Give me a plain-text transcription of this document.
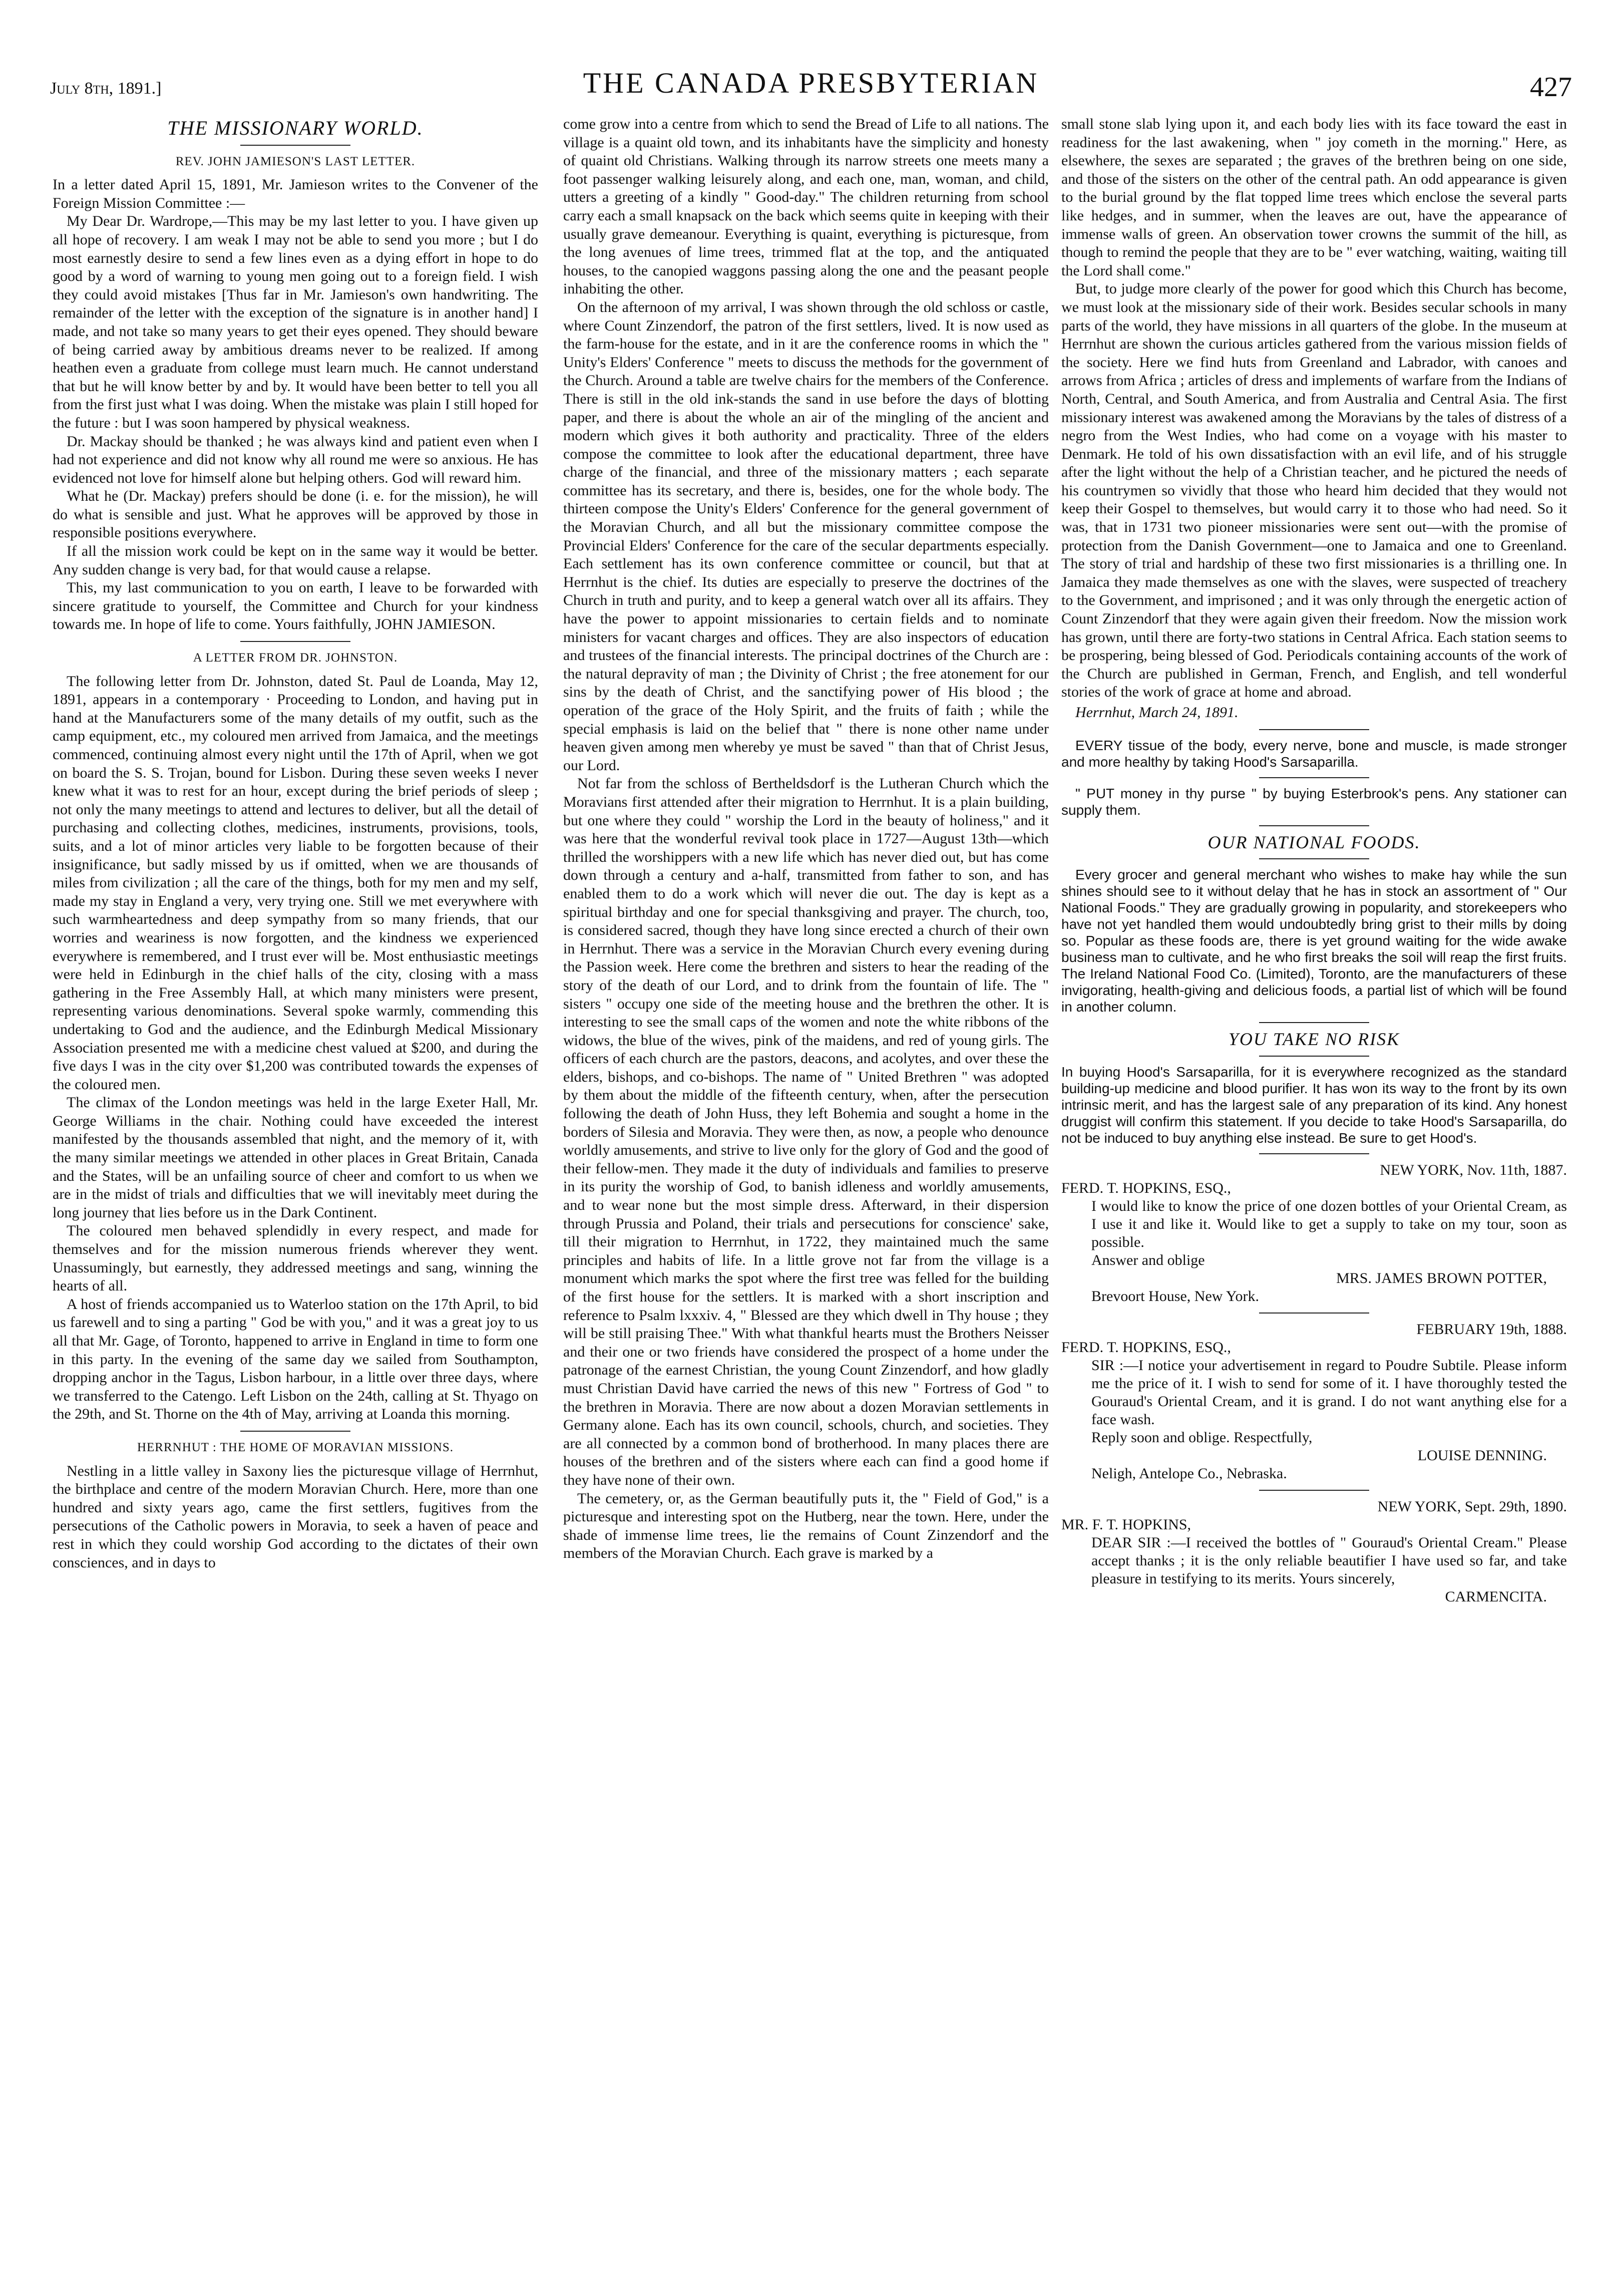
July 8th, 1891.]	THE CANADA PRESBYTERIAN	427
THE MISSIONARY WORLD.
REV. JOHN JAMIESON'S LAST LETTER.

In a letter dated April 15, 1891, Mr. Jamieson writes to the Convener of the Foreign Mission Committee :—

My Dear Dr. Wardrope,—This may be my last letter to you. I have given up all hope of recovery. I am weak I may not be able to send you more ; but I do most earnestly desire to send a few lines even as a dying effort in hope to do good by a word of warning to young men going out to a foreign field. I wish they could avoid mistakes [Thus far in Mr. Jamieson's own handwriting. The remainder of the letter with the exception of the signature is in another hand] I made, and not take so many years to get their eyes opened. They should beware of being carried away by ambitious dreams never to be realized. If among heathen even a graduate from college must learn much. He cannot understand that but he will know better by and by. It would have been better to tell you all from the first just what I was doing. When the mistake was plain I still hoped for the future : but I was soon hampered by physical weakness.

Dr. Mackay should be thanked ; he was always kind and patient even when I had not experience and did not know why all round me were so anxious. He has evidenced not love for himself alone but helping others. God will reward him.

What he (Dr. Mackay) prefers should be done (i. e. for the mission), he will do what is sensible and just. What he approves will be approved by those in responsible positions everywhere.

If all the mission work could be kept on in the same way it would be better. Any sudden change is very bad, for that would cause a relapse.

This, my last communication to you on earth, I leave to be forwarded with sincere gratitude to yourself, the Committee and Church for your kindness towards me. In hope of life to come. Yours faithfully, JOHN JAMIESON.

A LETTER FROM DR. JOHNSTON.

The following letter from Dr. Johnston, dated St. Paul de Loanda, May 12, 1891, appears in a contemporary · Proceeding to London, and having put in hand at the Manufacturers some of the many details of my outfit, such as the camp equipment, etc., my coloured men arrived from Jamaica, and the meetings commenced, continuing almost every night until the 17th of April, when we got on board the S. S. Trojan, bound for Lisbon. During these seven weeks I never knew what it was to rest for an hour, except during the brief periods of sleep ; not only the many meetings to attend and lectures to deliver, but all the detail of purchasing and collecting clothes, medicines, instruments, provisions, tools, suits, and a lot of minor articles very liable to be forgotten because of their insignificance, but sadly missed by us if omitted, when we are thousands of miles from civilization ; all the care of the things, both for my men and my self, made my stay in England a very, very trying one. Still we met everywhere with such warmheartedness and deep sympathy from so many friends, that our worries and weariness is now forgotten, and the kindness we experienced everywhere is remembered, and I trust ever will be. Most enthusiastic meetings were held in Edinburgh in the chief halls of the city, closing with a mass gathering in the Free Assembly Hall, at which many ministers were present, representing various denominations. Several spoke warmly, commending this undertaking to God and the audience, and the Edinburgh Medical Missionary Association presented me with a medicine chest valued at $200, and during the five days I was in the city over $1,200 was contributed towards the expenses of the coloured men.

The climax of the London meetings was held in the large Exeter Hall, Mr. George Williams in the chair. Nothing could have exceeded the interest manifested by the thousands assembled that night, and the memory of it, with the many similar meetings we attended in other places in Great Britain, Canada and the States, will be an unfailing source of cheer and comfort to us when we are in the midst of trials and difficulties that we will inevitably meet during the long journey that lies before us in the Dark Continent.

The coloured men behaved splendidly in every respect, and made for themselves and for the mission numerous friends wherever they went. Unassumingly, but earnestly, they addressed meetings and sang, winning the hearts of all.

A host of friends accompanied us to Waterloo station on the 17th April, to bid us farewell and to sing a parting " God be with you," and it was a great joy to us all that Mr. Gage, of Toronto, happened to arrive in England in time to form one in this party. In the evening of the same day we sailed from Southampton, dropping anchor in the Tagus, Lisbon harbour, in a little over three days, where we transferred to the Catengo. Left Lisbon on the 24th, calling at St. Thyago on the 29th, and St. Thorne on the 4th of May, arriving at Loanda this morning.

HERRNHUT : THE HOME OF MORAVIAN MISSIONS.

Nestling in a little valley in Saxony lies the picturesque village of Herrnhut, the birthplace and centre of the modern Moravian Church. Here, more than one hundred and sixty years ago, came the first settlers, fugitives from the persecutions of the Catholic powers in Moravia, to seek a haven of peace and rest in which they could worship God according to the dictates of their own consciences, and in days to

come grow into a centre from which to send the Bread of Life to all nations. The village is a quaint old town, and its inhabitants have the simplicity and honesty of quaint old Christians. Walking through its narrow streets one meets many a foot passenger walking leisurely along, and each one, man, woman, and child, utters a greeting of a kindly " Good-day." The children returning from school carry each a small knapsack on the back which seems quite in keeping with their usually grave demeanour. Everything is quaint, everything is picturesque, from the long avenues of lime trees, trimmed flat at the top, and the antiquated houses, to the canopied waggons passing along the one and the peasant people inhabiting the other.

On the afternoon of my arrival, I was shown through the old schloss or castle, where Count Zinzendorf, the patron of the first settlers, lived. It is now used as the farm-house for the estate, and in it are the conference rooms in which the " Unity's Elders' Conference " meets to discuss the methods for the government of the Church. Around a table are twelve chairs for the members of the Conference. There is still in the old ink-stands the sand in use before the days of blotting paper, and there is about the whole an air of the mingling of the ancient and modern which gives it both authority and practicality. Three of the elders compose the committee to look after the educational department, three have charge of the financial, and three of the missionary matters ; each separate committee has its secretary, and there is, besides, one for the whole body. The thirteen compose the Unity's Elders' Conference for the general government of the Moravian Church, and all but the missionary committee compose the Provincial Elders' Conference for the care of the secular departments especially. Each settlement has its own conference committee or council, but that at Herrnhut is the chief. Its duties are especially to preserve the doctrines of the Church in truth and purity, and to keep a general watch over all its affairs. They have the power to appoint missionaries to certain fields and to nominate ministers for vacant charges and offices. They are also inspectors of education and trustees of the financial interests. The principal doctrines of the Church are : the natural depravity of man ; the Divinity of Christ ; the free atonement for our sins by the death of Christ, and the sanctifying power of His blood ; the operation of the grace of the Holy Spirit, and the fruits of faith ; while the special emphasis is laid on the belief that " there is none other name under heaven given among men whereby ye must be saved " than that of Christ Jesus, our Lord.

Not far from the schloss of Bertheldsdorf is the Lutheran Church which the Moravians first attended after their migration to Herrnhut. It is a plain building, but one where they could " worship the Lord in the beauty of holiness," and it was here that the wonderful revival took place in 1727—August 13th—which thrilled the worshippers with a new life which has never died out, but has come down through a century and a-half, transmitted from father to son, and has enabled them to do a work which will never die out. The day is kept as a spiritual birthday and one for special thanksgiving and prayer. The church, too, is considered sacred, though they have long since erected a church of their own in Herrnhut. There was a service in the Moravian Church every evening during the Passion week. Here come the brethren and sisters to hear the reading of the story of the death of our Lord, and to drink from the fountain of life. The " sisters " occupy one side of the meeting house and the brethren the other. It is interesting to see the small caps of the women and note the white ribbons of the widows, the blue of the wives, pink of the maidens, and red of young girls. The officers of each church are the pastors, deacons, and acolytes, and over these the elders, bishops, and co-bishops. The name of " United Brethren " was adopted by them about the middle of the fifteenth century, when, after the persecution following the death of John Huss, they left Bohemia and sought a home in the borders of Silesia and Moravia. They were then, as now, a people who denounce worldly amusements, and strive to live only for the glory of God and the good of their fellow-men. They made it the duty of individuals and families to preserve in its purity the worship of God, to banish idleness and worldly amusements, and to wear none but the most simple dress. Afterward, in their dispersion through Prussia and Poland, their trials and persecutions for conscience' sake, till their migration to Herrnhut, in 1722, they maintained much the same principles and habits of life. In a little grove not far from the village is a monument which marks the spot where the first tree was felled for the building of the first house for the settlers. It is marked with a short inscription and reference to Psalm lxxxiv. 4, " Blessed are they which dwell in Thy house ; they will be still praising Thee." With what thankful hearts must the Brothers Neisser and their one or two friends have considered the prospect of a home under the patronage of the earnest Christian, the young Count Zinzendorf, and how gladly must Christian David have carried the news of this new " Fortress of God " to the brethren in Moravia. There are now about a dozen Moravian settlements in Germany alone. Each has its own council, schools, church, and societies. They are all connected by a common bond of brotherhood. In many places there are houses of the brethren and of the sisters where each can find a good home if they have none of their own.

The cemetery, or, as the German beautifully puts it, the " Field of God," is a picturesque and interesting spot on the Hutberg, near the town. Here, under the shade of immense lime trees, lie the remains of Count Zinzendorf and the members of the Moravian Church. Each grave is marked by a

small stone slab lying upon it, and each body lies with its face toward the east in readiness for the last awakening, when " joy cometh in the morning." Here, as elsewhere, the sexes are separated ; the graves of the brethren being on one side, and those of the sisters on the other of the central path. An odd appearance is given to the burial ground by the flat topped lime trees which enclose the several parts like hedges, and in summer, when the leaves are out, have the appearance of immense walls of green. An observation tower crowns the summit of the hill, as though to remind the people that they are to be " ever watching, waiting, waiting till the Lord shall come."

But, to judge more clearly of the power for good which this Church has become, we must look at the missionary side of their work. Besides secular schools in many parts of the world, they have missions in all quarters of the globe. In the museum at Herrnhut are shown the curious articles gathered from the various mission fields of the society. Here we find huts from Greenland and Labrador, with canoes and arrows from Africa ; articles of dress and implements of warfare from the Indians of North, Central, and South America, and from Australia and Central Asia. The first missionary interest was awakened among the Moravians by the tales of distress of a negro from the West Indies, who had come on a voyage with his master to Denmark. He told of his own dissatisfaction with an evil life, and of his struggle after the light without the help of a Christian teacher, and he pictured the needs of his countrymen so vividly that those who heard him decided that they would not keep their Gospel to themselves, but would carry it to those who had need. So it was, that in 1731 two pioneer missionaries were sent out—with the promise of protection from the Danish Government—one to Jamaica and one to Greenland. The story of trial and hardship of these two first missionaries is a thrilling one. In Jamaica they made themselves as one with the slaves, were suspected of treachery to the Government, and imprisoned ; and it was only through the energetic action of Count Zinzendorf that they were again given their freedom. Now the mission work has grown, until there are forty-two stations in Central Africa. Each station seems to be prospering, being blessed of God. Periodicals containing accounts of the work of the Church are published in German, French, and English, and tell wonderful stories of the work of grace at home and abroad.

Herrnhut, March 24, 1891.

EVERY tissue of the body, every nerve, bone and muscle, is made stronger and more healthy by taking Hood's Sarsaparilla.

" PUT money in thy purse " by buying Esterbrook's pens. Any stationer can supply them.

OUR NATIONAL FOODS.

Every grocer and general merchant who wishes to make hay while the sun shines should see to it without delay that he has in stock an assortment of " Our National Foods." They are gradually growing in popularity, and storekeepers who have not yet handled them would undoubtedly bring grist to their mills by doing so. Popular as these foods are, there is yet ground waiting for the wide awake business man to cultivate, and he who first breaks the soil will reap the first fruits. The Ireland National Food Co. (Limited), Toronto, are the manufacturers of these invigorating, health-giving and delicious foods, a partial list of which will be found in another column.

YOU TAKE NO RISK

In buying Hood's Sarsaparilla, for it is everywhere recognized as the standard building-up medicine and blood purifier. It has won its way to the front by its own intrinsic merit, and has the largest sale of any preparation of its kind. Any honest druggist will confirm this statement. If you decide to take Hood's Sarsaparilla, do not be induced to buy anything else instead. Be sure to get Hood's.

NEW YORK, Nov. 11th, 1887.

FERD. T. HOPKINS, ESQ.,

I would like to know the price of one dozen bottles of your Oriental Cream, as I use it and like it. Would like to get a supply to take on my tour, soon as possible.

Answer and oblige

MRS. JAMES BROWN POTTER,

Brevoort House, New York.

FEBRUARY 19th, 1888.

FERD. T. HOPKINS, ESQ.,

SIR :—I notice your advertisement in regard to Poudre Subtile. Please inform me the price of it. I wish to send for some of it. I have thoroughly tested the Gouraud's Oriental Cream, and it is grand. I do not want anything else for a face wash.

Reply soon and oblige. Respectfully,

LOUISE DENNING.

Neligh, Antelope Co., Nebraska.

NEW YORK, Sept. 29th, 1890.

MR. F. T. HOPKINS,

DEAR SIR :—I received the bottles of " Gouraud's Oriental Cream." Please accept thanks ; it is the only reliable beautifier I have used so far, and take pleasure in testifying to its merits. Yours sincerely,

CARMENCITA.
